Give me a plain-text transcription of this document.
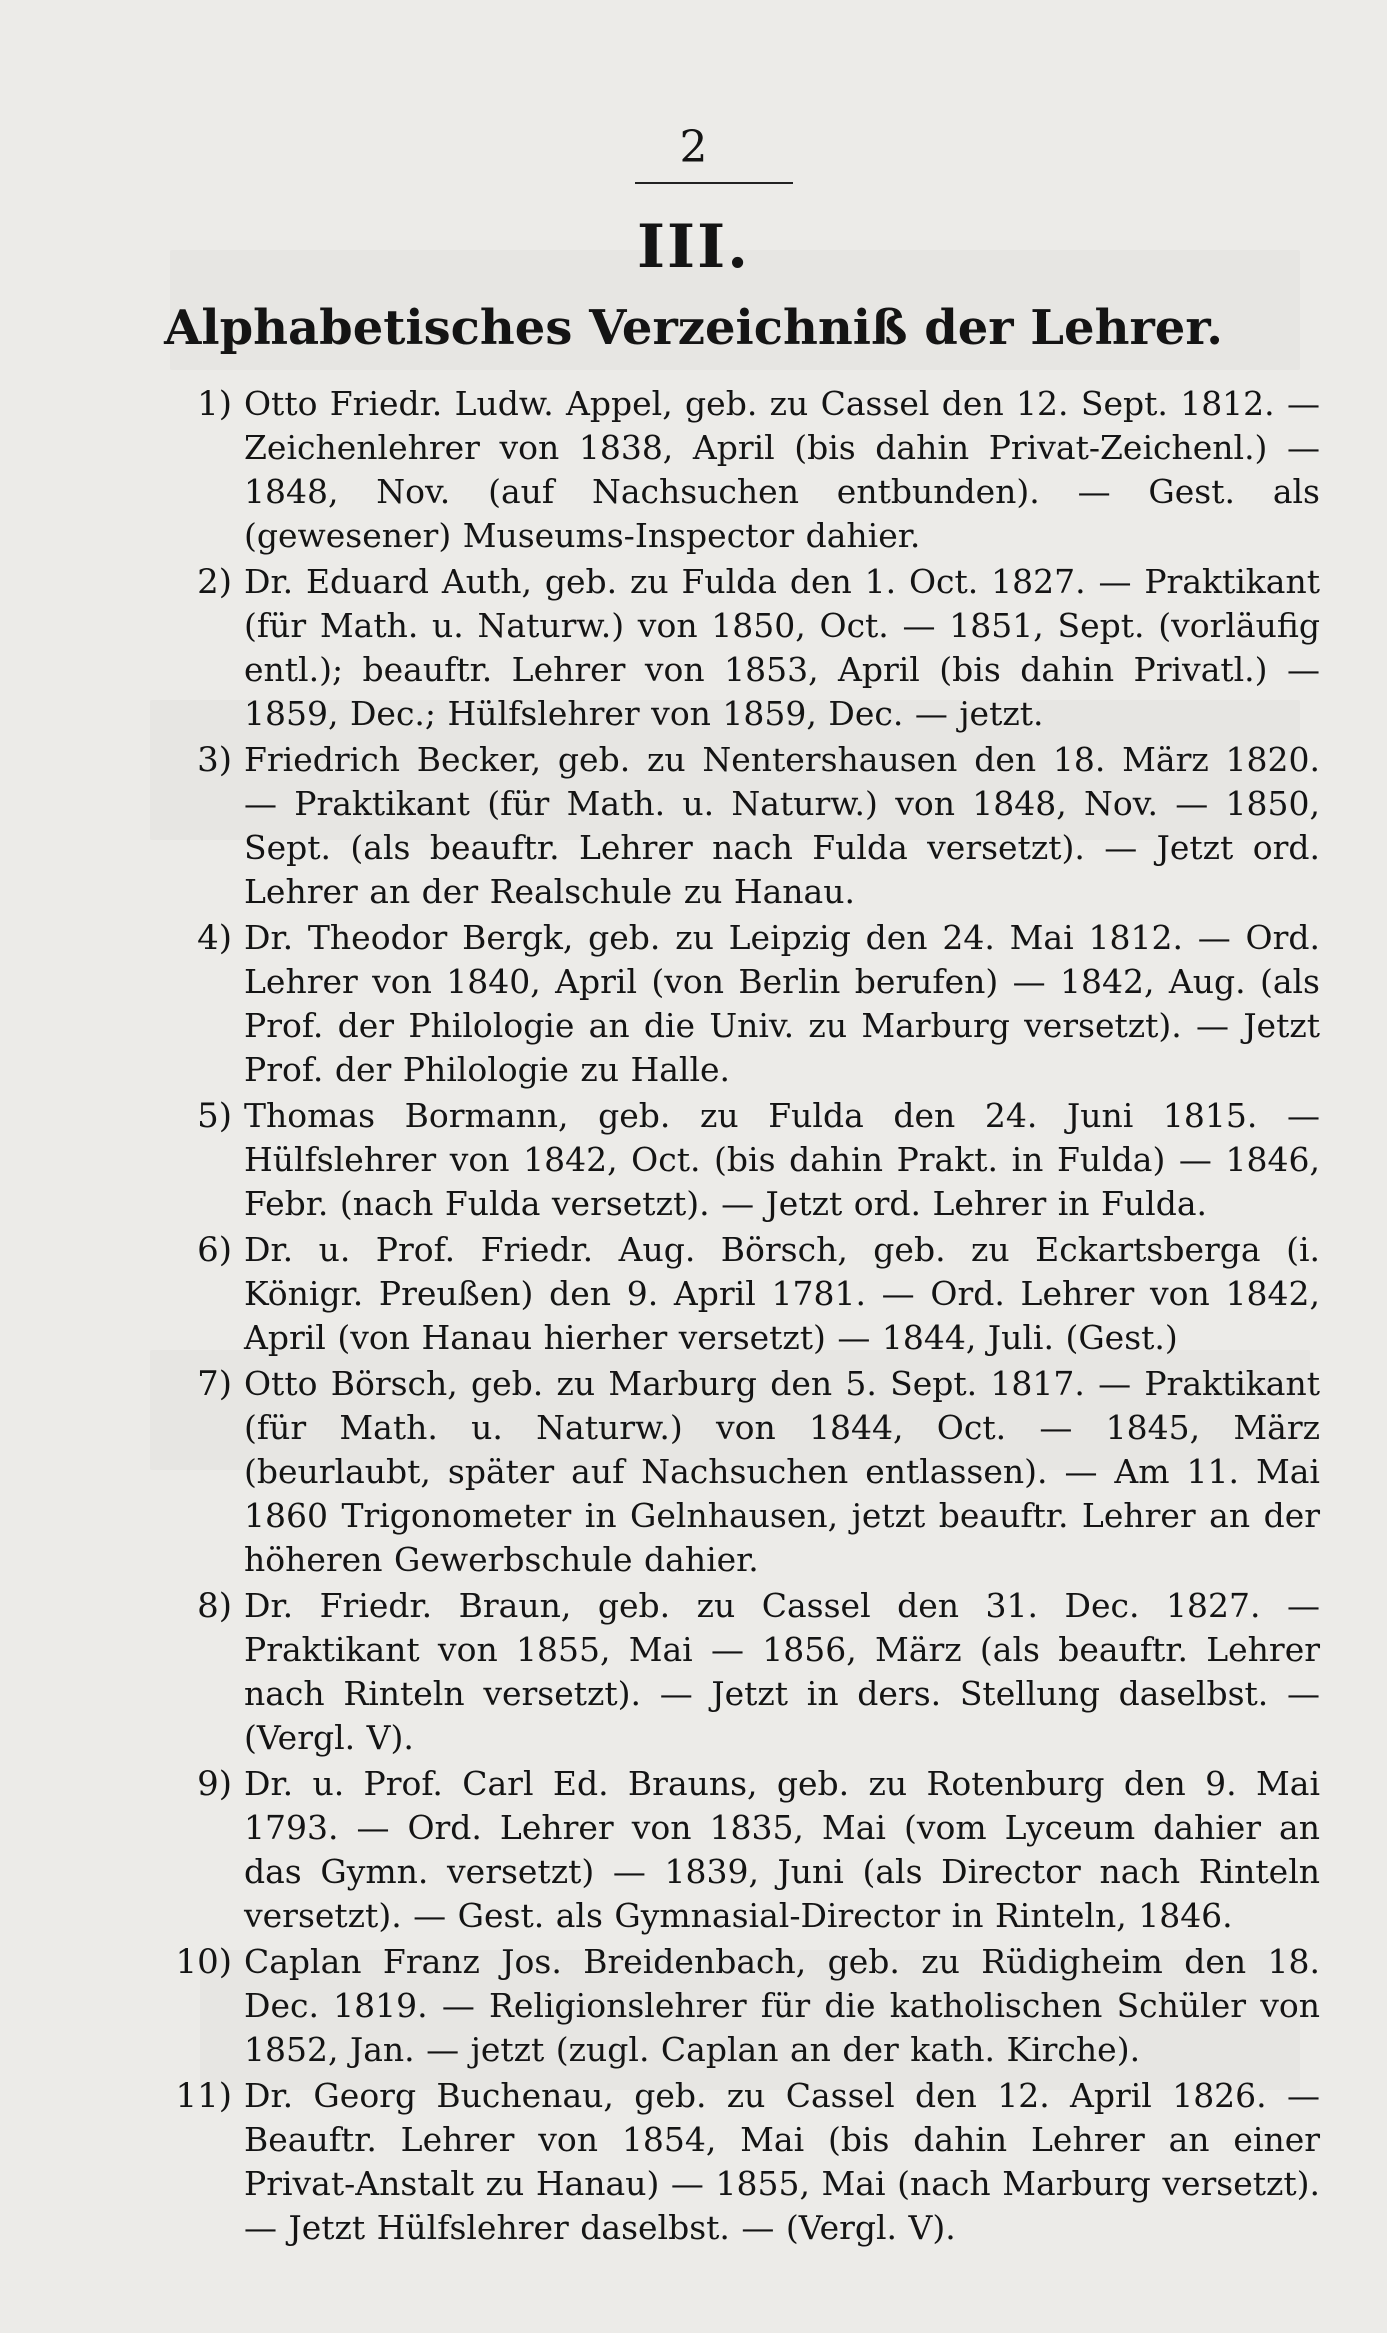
2
III.
Alphabetisches Verzeichniß der Lehrer.
1) Otto Friedr. Ludw. Appel, geb. zu Cassel den 12. Sept. 1812. — Zeichenlehrer von 1838, April (bis dahin Privat-Zeichenl.) — 1848, Nov. (auf Nachsuchen entbunden). — Gest. als (gewesener) Museums-Inspector dahier.
2) Dr. Eduard Auth, geb. zu Fulda den 1. Oct. 1827. — Praktikant (für Math. u. Naturw.) von 1850, Oct. — 1851, Sept. (vorläufig entl.); beauftr. Lehrer von 1853, April (bis dahin Privatl.) — 1859, Dec.; Hülfslehrer von 1859, Dec. — jetzt.
3) Friedrich Becker, geb. zu Nentershausen den 18. März 1820. — Praktikant (für Math. u. Naturw.) von 1848, Nov. — 1850, Sept. (als beauftr. Lehrer nach Fulda versetzt). — Jetzt ord. Lehrer an der Realschule zu Hanau.
4) Dr. Theodor Bergk, geb. zu Leipzig den 24. Mai 1812. — Ord. Lehrer von 1840, April (von Berlin berufen) — 1842, Aug. (als Prof. der Philologie an die Univ. zu Marburg versetzt). — Jetzt Prof. der Philologie zu Halle.
5) Thomas Bormann, geb. zu Fulda den 24. Juni 1815. — Hülfslehrer von 1842, Oct. (bis dahin Prakt. in Fulda) — 1846, Febr. (nach Fulda versetzt). — Jetzt ord. Lehrer in Fulda.
6) Dr. u. Prof. Friedr. Aug. Börsch, geb. zu Eckartsberga (i. Königr. Preußen) den 9. April 1781. — Ord. Lehrer von 1842, April (von Hanau hierher versetzt) — 1844, Juli. (Gest.)
7) Otto Börsch, geb. zu Marburg den 5. Sept. 1817. — Praktikant (für Math. u. Naturw.) von 1844, Oct. — 1845, März (beurlaubt, später auf Nachsuchen entlassen). — Am 11. Mai 1860 Trigonometer in Gelnhausen, jetzt beauftr. Lehrer an der höheren Gewerbschule dahier.
8) Dr. Friedr. Braun, geb. zu Cassel den 31. Dec. 1827. — Praktikant von 1855, Mai — 1856, März (als beauftr. Lehrer nach Rinteln versetzt). — Jetzt in ders. Stellung daselbst. — (Vergl. V).
9) Dr. u. Prof. Carl Ed. Brauns, geb. zu Rotenburg den 9. Mai 1793. — Ord. Lehrer von 1835, Mai (vom Lyceum dahier an das Gymn. versetzt) — 1839, Juni (als Director nach Rinteln versetzt). — Gest. als Gymnasial-Director in Rinteln, 1846.
10) Caplan Franz Jos. Breidenbach, geb. zu Rüdigheim den 18. Dec. 1819. — Religionslehrer für die katholischen Schüler von 1852, Jan. — jetzt (zugl. Caplan an der kath. Kirche).
11) Dr. Georg Buchenau, geb. zu Cassel den 12. April 1826. — Beauftr. Lehrer von 1854, Mai (bis dahin Lehrer an einer Privat-Anstalt zu Hanau) — 1855, Mai (nach Marburg versetzt). — Jetzt Hülfslehrer daselbst. — (Vergl. V).
